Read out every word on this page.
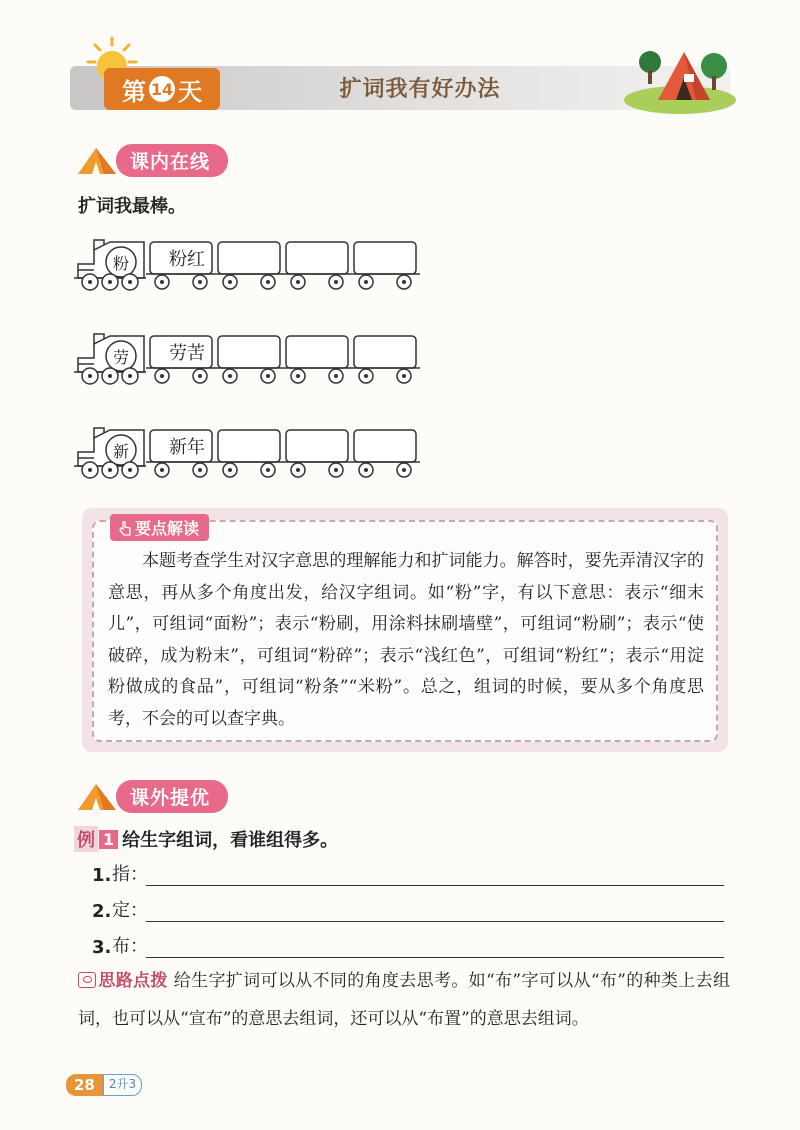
第 14 天	扩词我有好办法
课内在线
扩词我最棒。
粉	粉红
劳	劳苦
新	新年
要点解读
本题考查学生对汉字意思的理解能力和扩词能力。解答时，要先弄清汉字的意思，再从多个角度出发，给汉字组词。如“粉”字，有以下意思：表示“细末儿”，可组词“面粉”；表示“粉刷，用涂料抹刷墙壁”，可组词“粉刷”；表示“使破碎，成为粉末”，可组词“粉碎”；表示“浅红色”，可组词“粉红”；表示“用淀粉做成的食品”，可组词“粉条”“米粉”。总之，组词的时候，要从多个角度思考，不会的可以查字典。
课外提优
例 1 给生字组词，看谁组得多。
1. 指：
2. 定：
3. 布：
思路点拨 给生字扩词可以从不同的角度去思考。如“布”字可以从“布”的种类上去组词，也可以从“宣布”的意思去组词，还可以从“布置”的意思去组词。
28	2升3
